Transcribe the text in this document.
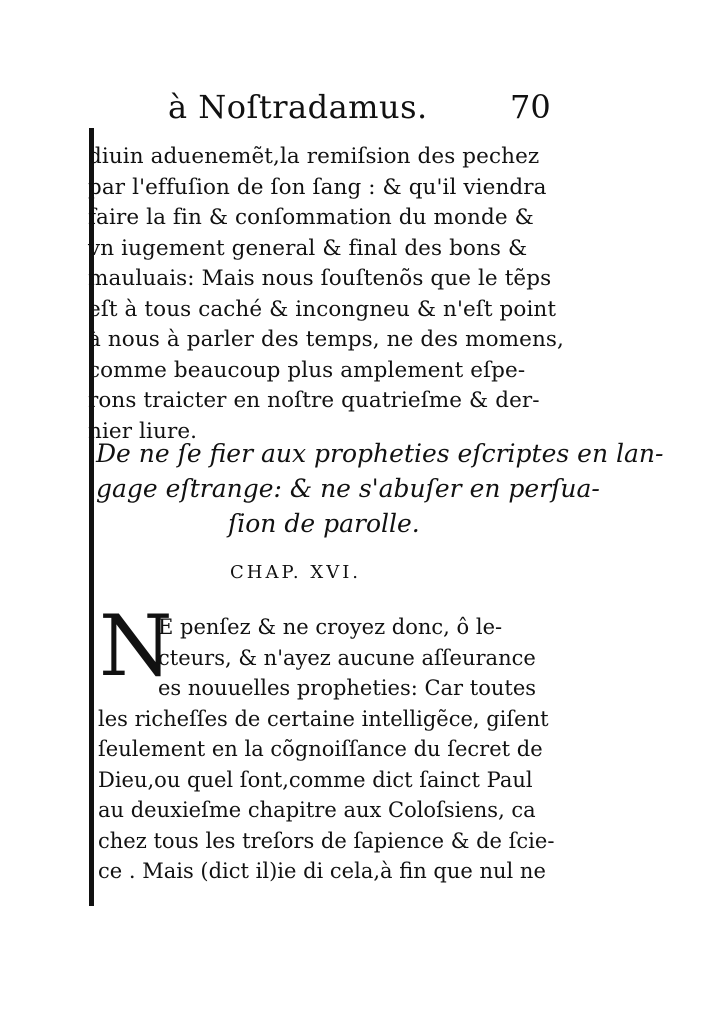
à Noſtradamus.	70
diuin aduenemẽt,la remiſsion des pechez
par l'effuſion de ſon ſang : & qu'il viendra
faire la fin & conſommation du monde &
vn iugement general & final des bons &
mauluais: Mais nous ſouſtenõs que le tẽps
eſt à tous caché & incongneu & n'eſt point
à nous à parler des temps, ne des momens,
comme beaucoup plus amplement eſpe-
rons traicter en noſtre quatrieſme & der-
nier liure.
De ne ſe fier aux propheties eſcriptes en lan-
gage eſtrange: & ne s'abuſer en perſua-
ſion de parolle.
CHAP. XVI.
N
E penſez & ne croyez donc, ô le-
cteurs, & n'ayez aucune aſſeurance
es nouuelles propheties: Car toutes
les richeſſes de certaine intelligẽce, giſent
ſeulement en la cõgnoiſſance du ſecret de
Dieu,ou quel ſont,comme dict ſainct Paul
au deuxieſme chapitre aux Coloſsiens, ca
chez tous les treſors de ſapience & de ſcie-
ce . Mais (dict il)ie di cela,à fin que nul ne
